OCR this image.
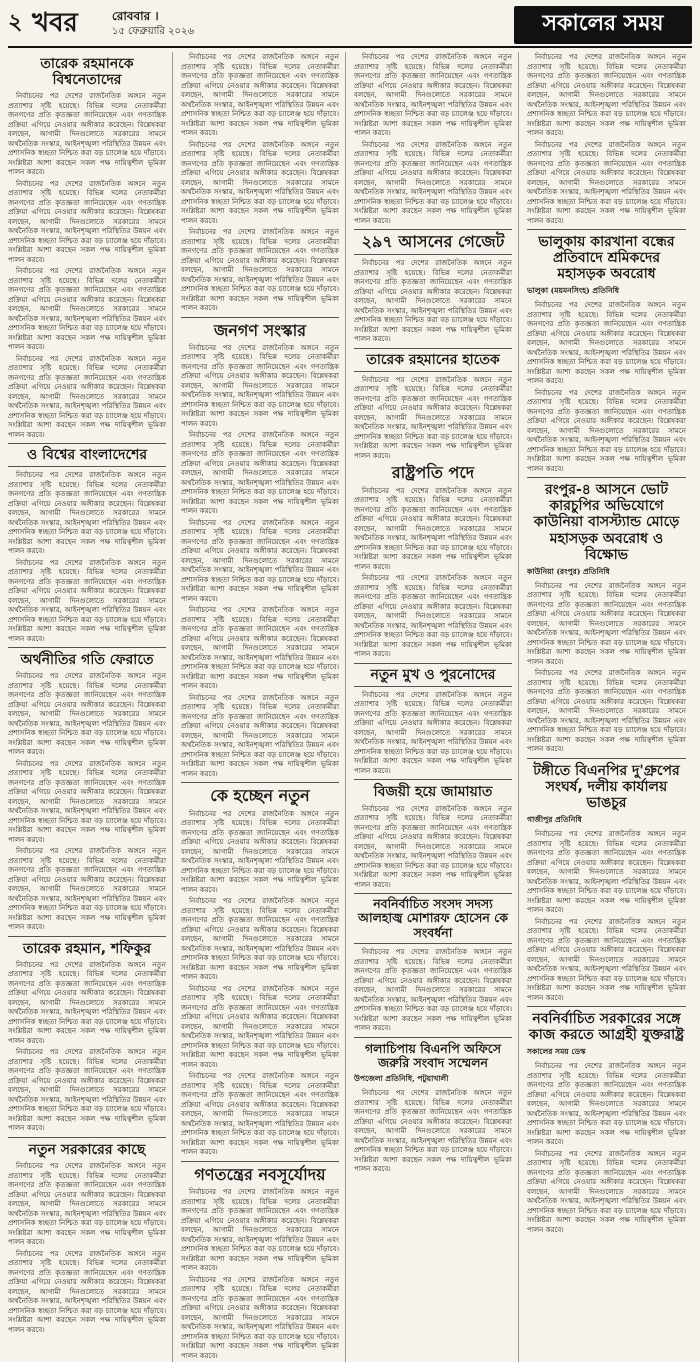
২ খবর	রোববার ।
১৫ ফেব্রুয়ারি ২০২৬	সকালের সময়
তারেক রহমানকে বিশ্বনেতাদের

নির্বাচনের পর দেশের রাজনৈতিক অঙ্গনে নতুন প্রত্যাশার সৃষ্টি হয়েছে। বিভিন্ন দলের নেতাকর্মীরা জনগণের প্রতি কৃতজ্ঞতা জানিয়েছেন এবং গণতান্ত্রিক প্রক্রিয়া এগিয়ে নেওয়ার অঙ্গীকার করেছেন। বিশ্লেষকরা বলছেন, আগামী দিনগুলোতে সরকারের সামনে অর্থনৈতিক সংস্কার, আইনশৃঙ্খলা পরিস্থিতির উন্নয়ন এবং প্রশাসনিক স্বচ্ছতা নিশ্চিত করা বড় চ্যালেঞ্জ হয়ে দাঁড়াবে। সংশ্লিষ্টরা আশা করছেন সকল পক্ষ দায়িত্বশীল ভূমিকা পালন করবে।

নির্বাচনের পর দেশের রাজনৈতিক অঙ্গনে নতুন প্রত্যাশার সৃষ্টি হয়েছে। বিভিন্ন দলের নেতাকর্মীরা জনগণের প্রতি কৃতজ্ঞতা জানিয়েছেন এবং গণতান্ত্রিক প্রক্রিয়া এগিয়ে নেওয়ার অঙ্গীকার করেছেন। বিশ্লেষকরা বলছেন, আগামী দিনগুলোতে সরকারের সামনে অর্থনৈতিক সংস্কার, আইনশৃঙ্খলা পরিস্থিতির উন্নয়ন এবং প্রশাসনিক স্বচ্ছতা নিশ্চিত করা বড় চ্যালেঞ্জ হয়ে দাঁড়াবে। সংশ্লিষ্টরা আশা করছেন সকল পক্ষ দায়িত্বশীল ভূমিকা পালন করবে।

নির্বাচনের পর দেশের রাজনৈতিক অঙ্গনে নতুন প্রত্যাশার সৃষ্টি হয়েছে। বিভিন্ন দলের নেতাকর্মীরা জনগণের প্রতি কৃতজ্ঞতা জানিয়েছেন এবং গণতান্ত্রিক প্রক্রিয়া এগিয়ে নেওয়ার অঙ্গীকার করেছেন। বিশ্লেষকরা বলছেন, আগামী দিনগুলোতে সরকারের সামনে অর্থনৈতিক সংস্কার, আইনশৃঙ্খলা পরিস্থিতির উন্নয়ন এবং প্রশাসনিক স্বচ্ছতা নিশ্চিত করা বড় চ্যালেঞ্জ হয়ে দাঁড়াবে। সংশ্লিষ্টরা আশা করছেন সকল পক্ষ দায়িত্বশীল ভূমিকা পালন করবে।

নির্বাচনের পর দেশের রাজনৈতিক অঙ্গনে নতুন প্রত্যাশার সৃষ্টি হয়েছে। বিভিন্ন দলের নেতাকর্মীরা জনগণের প্রতি কৃতজ্ঞতা জানিয়েছেন এবং গণতান্ত্রিক প্রক্রিয়া এগিয়ে নেওয়ার অঙ্গীকার করেছেন। বিশ্লেষকরা বলছেন, আগামী দিনগুলোতে সরকারের সামনে অর্থনৈতিক সংস্কার, আইনশৃঙ্খলা পরিস্থিতির উন্নয়ন এবং প্রশাসনিক স্বচ্ছতা নিশ্চিত করা বড় চ্যালেঞ্জ হয়ে দাঁড়াবে। সংশ্লিষ্টরা আশা করছেন সকল পক্ষ দায়িত্বশীল ভূমিকা পালন করবে।

ও বিশ্বের বাংলাদেশের

নির্বাচনের পর দেশের রাজনৈতিক অঙ্গনে নতুন প্রত্যাশার সৃষ্টি হয়েছে। বিভিন্ন দলের নেতাকর্মীরা জনগণের প্রতি কৃতজ্ঞতা জানিয়েছেন এবং গণতান্ত্রিক প্রক্রিয়া এগিয়ে নেওয়ার অঙ্গীকার করেছেন। বিশ্লেষকরা বলছেন, আগামী দিনগুলোতে সরকারের সামনে অর্থনৈতিক সংস্কার, আইনশৃঙ্খলা পরিস্থিতির উন্নয়ন এবং প্রশাসনিক স্বচ্ছতা নিশ্চিত করা বড় চ্যালেঞ্জ হয়ে দাঁড়াবে। সংশ্লিষ্টরা আশা করছেন সকল পক্ষ দায়িত্বশীল ভূমিকা পালন করবে।

নির্বাচনের পর দেশের রাজনৈতিক অঙ্গনে নতুন প্রত্যাশার সৃষ্টি হয়েছে। বিভিন্ন দলের নেতাকর্মীরা জনগণের প্রতি কৃতজ্ঞতা জানিয়েছেন এবং গণতান্ত্রিক প্রক্রিয়া এগিয়ে নেওয়ার অঙ্গীকার করেছেন। বিশ্লেষকরা বলছেন, আগামী দিনগুলোতে সরকারের সামনে অর্থনৈতিক সংস্কার, আইনশৃঙ্খলা পরিস্থিতির উন্নয়ন এবং প্রশাসনিক স্বচ্ছতা নিশ্চিত করা বড় চ্যালেঞ্জ হয়ে দাঁড়াবে। সংশ্লিষ্টরা আশা করছেন সকল পক্ষ দায়িত্বশীল ভূমিকা পালন করবে।

অর্থনীতির গতি ফেরাতে

নির্বাচনের পর দেশের রাজনৈতিক অঙ্গনে নতুন প্রত্যাশার সৃষ্টি হয়েছে। বিভিন্ন দলের নেতাকর্মীরা জনগণের প্রতি কৃতজ্ঞতা জানিয়েছেন এবং গণতান্ত্রিক প্রক্রিয়া এগিয়ে নেওয়ার অঙ্গীকার করেছেন। বিশ্লেষকরা বলছেন, আগামী দিনগুলোতে সরকারের সামনে অর্থনৈতিক সংস্কার, আইনশৃঙ্খলা পরিস্থিতির উন্নয়ন এবং প্রশাসনিক স্বচ্ছতা নিশ্চিত করা বড় চ্যালেঞ্জ হয়ে দাঁড়াবে। সংশ্লিষ্টরা আশা করছেন সকল পক্ষ দায়িত্বশীল ভূমিকা পালন করবে।

নির্বাচনের পর দেশের রাজনৈতিক অঙ্গনে নতুন প্রত্যাশার সৃষ্টি হয়েছে। বিভিন্ন দলের নেতাকর্মীরা জনগণের প্রতি কৃতজ্ঞতা জানিয়েছেন এবং গণতান্ত্রিক প্রক্রিয়া এগিয়ে নেওয়ার অঙ্গীকার করেছেন। বিশ্লেষকরা বলছেন, আগামী দিনগুলোতে সরকারের সামনে অর্থনৈতিক সংস্কার, আইনশৃঙ্খলা পরিস্থিতির উন্নয়ন এবং প্রশাসনিক স্বচ্ছতা নিশ্চিত করা বড় চ্যালেঞ্জ হয়ে দাঁড়াবে। সংশ্লিষ্টরা আশা করছেন সকল পক্ষ দায়িত্বশীল ভূমিকা পালন করবে।

নির্বাচনের পর দেশের রাজনৈতিক অঙ্গনে নতুন প্রত্যাশার সৃষ্টি হয়েছে। বিভিন্ন দলের নেতাকর্মীরা জনগণের প্রতি কৃতজ্ঞতা জানিয়েছেন এবং গণতান্ত্রিক প্রক্রিয়া এগিয়ে নেওয়ার অঙ্গীকার করেছেন। বিশ্লেষকরা বলছেন, আগামী দিনগুলোতে সরকারের সামনে অর্থনৈতিক সংস্কার, আইনশৃঙ্খলা পরিস্থিতির উন্নয়ন এবং প্রশাসনিক স্বচ্ছতা নিশ্চিত করা বড় চ্যালেঞ্জ হয়ে দাঁড়াবে। সংশ্লিষ্টরা আশা করছেন সকল পক্ষ দায়িত্বশীল ভূমিকা পালন করবে।

তারেক রহমান, শফিকুর

নির্বাচনের পর দেশের রাজনৈতিক অঙ্গনে নতুন প্রত্যাশার সৃষ্টি হয়েছে। বিভিন্ন দলের নেতাকর্মীরা জনগণের প্রতি কৃতজ্ঞতা জানিয়েছেন এবং গণতান্ত্রিক প্রক্রিয়া এগিয়ে নেওয়ার অঙ্গীকার করেছেন। বিশ্লেষকরা বলছেন, আগামী দিনগুলোতে সরকারের সামনে অর্থনৈতিক সংস্কার, আইনশৃঙ্খলা পরিস্থিতির উন্নয়ন এবং প্রশাসনিক স্বচ্ছতা নিশ্চিত করা বড় চ্যালেঞ্জ হয়ে দাঁড়াবে। সংশ্লিষ্টরা আশা করছেন সকল পক্ষ দায়িত্বশীল ভূমিকা পালন করবে।

নির্বাচনের পর দেশের রাজনৈতিক অঙ্গনে নতুন প্রত্যাশার সৃষ্টি হয়েছে। বিভিন্ন দলের নেতাকর্মীরা জনগণের প্রতি কৃতজ্ঞতা জানিয়েছেন এবং গণতান্ত্রিক প্রক্রিয়া এগিয়ে নেওয়ার অঙ্গীকার করেছেন। বিশ্লেষকরা বলছেন, আগামী দিনগুলোতে সরকারের সামনে অর্থনৈতিক সংস্কার, আইনশৃঙ্খলা পরিস্থিতির উন্নয়ন এবং প্রশাসনিক স্বচ্ছতা নিশ্চিত করা বড় চ্যালেঞ্জ হয়ে দাঁড়াবে। সংশ্লিষ্টরা আশা করছেন সকল পক্ষ দায়িত্বশীল ভূমিকা পালন করবে।

নতুন সরকারের কাছে

নির্বাচনের পর দেশের রাজনৈতিক অঙ্গনে নতুন প্রত্যাশার সৃষ্টি হয়েছে। বিভিন্ন দলের নেতাকর্মীরা জনগণের প্রতি কৃতজ্ঞতা জানিয়েছেন এবং গণতান্ত্রিক প্রক্রিয়া এগিয়ে নেওয়ার অঙ্গীকার করেছেন। বিশ্লেষকরা বলছেন, আগামী দিনগুলোতে সরকারের সামনে অর্থনৈতিক সংস্কার, আইনশৃঙ্খলা পরিস্থিতির উন্নয়ন এবং প্রশাসনিক স্বচ্ছতা নিশ্চিত করা বড় চ্যালেঞ্জ হয়ে দাঁড়াবে। সংশ্লিষ্টরা আশা করছেন সকল পক্ষ দায়িত্বশীল ভূমিকা পালন করবে।

নির্বাচনের পর দেশের রাজনৈতিক অঙ্গনে নতুন প্রত্যাশার সৃষ্টি হয়েছে। বিভিন্ন দলের নেতাকর্মীরা জনগণের প্রতি কৃতজ্ঞতা জানিয়েছেন এবং গণতান্ত্রিক প্রক্রিয়া এগিয়ে নেওয়ার অঙ্গীকার করেছেন। বিশ্লেষকরা বলছেন, আগামী দিনগুলোতে সরকারের সামনে অর্থনৈতিক সংস্কার, আইনশৃঙ্খলা পরিস্থিতির উন্নয়ন এবং প্রশাসনিক স্বচ্ছতা নিশ্চিত করা বড় চ্যালেঞ্জ হয়ে দাঁড়াবে। সংশ্লিষ্টরা আশা করছেন সকল পক্ষ দায়িত্বশীল ভূমিকা পালন করবে।

নির্বাচনের পর দেশের রাজনৈতিক অঙ্গনে নতুন প্রত্যাশার সৃষ্টি হয়েছে। বিভিন্ন দলের নেতাকর্মীরা জনগণের প্রতি কৃতজ্ঞতা জানিয়েছেন এবং গণতান্ত্রিক প্রক্রিয়া এগিয়ে নেওয়ার অঙ্গীকার করেছেন। বিশ্লেষকরা বলছেন, আগামী দিনগুলোতে সরকারের সামনে অর্থনৈতিক সংস্কার, আইনশৃঙ্খলা পরিস্থিতির উন্নয়ন এবং প্রশাসনিক স্বচ্ছতা নিশ্চিত করা বড় চ্যালেঞ্জ হয়ে দাঁড়াবে। সংশ্লিষ্টরা আশা করছেন সকল পক্ষ দায়িত্বশীল ভূমিকা পালন করবে।

নির্বাচনের পর দেশের রাজনৈতিক অঙ্গনে নতুন প্রত্যাশার সৃষ্টি হয়েছে। বিভিন্ন দলের নেতাকর্মীরা জনগণের প্রতি কৃতজ্ঞতা জানিয়েছেন এবং গণতান্ত্রিক প্রক্রিয়া এগিয়ে নেওয়ার অঙ্গীকার করেছেন। বিশ্লেষকরা বলছেন, আগামী দিনগুলোতে সরকারের সামনে অর্থনৈতিক সংস্কার, আইনশৃঙ্খলা পরিস্থিতির উন্নয়ন এবং প্রশাসনিক স্বচ্ছতা নিশ্চিত করা বড় চ্যালেঞ্জ হয়ে দাঁড়াবে। সংশ্লিষ্টরা আশা করছেন সকল পক্ষ দায়িত্বশীল ভূমিকা পালন করবে।

নির্বাচনের পর দেশের রাজনৈতিক অঙ্গনে নতুন প্রত্যাশার সৃষ্টি হয়েছে। বিভিন্ন দলের নেতাকর্মীরা জনগণের প্রতি কৃতজ্ঞতা জানিয়েছেন এবং গণতান্ত্রিক প্রক্রিয়া এগিয়ে নেওয়ার অঙ্গীকার করেছেন। বিশ্লেষকরা বলছেন, আগামী দিনগুলোতে সরকারের সামনে অর্থনৈতিক সংস্কার, আইনশৃঙ্খলা পরিস্থিতির উন্নয়ন এবং প্রশাসনিক স্বচ্ছতা নিশ্চিত করা বড় চ্যালেঞ্জ হয়ে দাঁড়াবে। সংশ্লিষ্টরা আশা করছেন সকল পক্ষ দায়িত্বশীল ভূমিকা পালন করবে।

জনগণ সংস্কার

নির্বাচনের পর দেশের রাজনৈতিক অঙ্গনে নতুন প্রত্যাশার সৃষ্টি হয়েছে। বিভিন্ন দলের নেতাকর্মীরা জনগণের প্রতি কৃতজ্ঞতা জানিয়েছেন এবং গণতান্ত্রিক প্রক্রিয়া এগিয়ে নেওয়ার অঙ্গীকার করেছেন। বিশ্লেষকরা বলছেন, আগামী দিনগুলোতে সরকারের সামনে অর্থনৈতিক সংস্কার, আইনশৃঙ্খলা পরিস্থিতির উন্নয়ন এবং প্রশাসনিক স্বচ্ছতা নিশ্চিত করা বড় চ্যালেঞ্জ হয়ে দাঁড়াবে। সংশ্লিষ্টরা আশা করছেন সকল পক্ষ দায়িত্বশীল ভূমিকা পালন করবে।

নির্বাচনের পর দেশের রাজনৈতিক অঙ্গনে নতুন প্রত্যাশার সৃষ্টি হয়েছে। বিভিন্ন দলের নেতাকর্মীরা জনগণের প্রতি কৃতজ্ঞতা জানিয়েছেন এবং গণতান্ত্রিক প্রক্রিয়া এগিয়ে নেওয়ার অঙ্গীকার করেছেন। বিশ্লেষকরা বলছেন, আগামী দিনগুলোতে সরকারের সামনে অর্থনৈতিক সংস্কার, আইনশৃঙ্খলা পরিস্থিতির উন্নয়ন এবং প্রশাসনিক স্বচ্ছতা নিশ্চিত করা বড় চ্যালেঞ্জ হয়ে দাঁড়াবে। সংশ্লিষ্টরা আশা করছেন সকল পক্ষ দায়িত্বশীল ভূমিকা পালন করবে।

নির্বাচনের পর দেশের রাজনৈতিক অঙ্গনে নতুন প্রত্যাশার সৃষ্টি হয়েছে। বিভিন্ন দলের নেতাকর্মীরা জনগণের প্রতি কৃতজ্ঞতা জানিয়েছেন এবং গণতান্ত্রিক প্রক্রিয়া এগিয়ে নেওয়ার অঙ্গীকার করেছেন। বিশ্লেষকরা বলছেন, আগামী দিনগুলোতে সরকারের সামনে অর্থনৈতিক সংস্কার, আইনশৃঙ্খলা পরিস্থিতির উন্নয়ন এবং প্রশাসনিক স্বচ্ছতা নিশ্চিত করা বড় চ্যালেঞ্জ হয়ে দাঁড়াবে। সংশ্লিষ্টরা আশা করছেন সকল পক্ষ দায়িত্বশীল ভূমিকা পালন করবে।

নির্বাচনের পর দেশের রাজনৈতিক অঙ্গনে নতুন প্রত্যাশার সৃষ্টি হয়েছে। বিভিন্ন দলের নেতাকর্মীরা জনগণের প্রতি কৃতজ্ঞতা জানিয়েছেন এবং গণতান্ত্রিক প্রক্রিয়া এগিয়ে নেওয়ার অঙ্গীকার করেছেন। বিশ্লেষকরা বলছেন, আগামী দিনগুলোতে সরকারের সামনে অর্থনৈতিক সংস্কার, আইনশৃঙ্খলা পরিস্থিতির উন্নয়ন এবং প্রশাসনিক স্বচ্ছতা নিশ্চিত করা বড় চ্যালেঞ্জ হয়ে দাঁড়াবে। সংশ্লিষ্টরা আশা করছেন সকল পক্ষ দায়িত্বশীল ভূমিকা পালন করবে।

নির্বাচনের পর দেশের রাজনৈতিক অঙ্গনে নতুন প্রত্যাশার সৃষ্টি হয়েছে। বিভিন্ন দলের নেতাকর্মীরা জনগণের প্রতি কৃতজ্ঞতা জানিয়েছেন এবং গণতান্ত্রিক প্রক্রিয়া এগিয়ে নেওয়ার অঙ্গীকার করেছেন। বিশ্লেষকরা বলছেন, আগামী দিনগুলোতে সরকারের সামনে অর্থনৈতিক সংস্কার, আইনশৃঙ্খলা পরিস্থিতির উন্নয়ন এবং প্রশাসনিক স্বচ্ছতা নিশ্চিত করা বড় চ্যালেঞ্জ হয়ে দাঁড়াবে। সংশ্লিষ্টরা আশা করছেন সকল পক্ষ দায়িত্বশীল ভূমিকা পালন করবে।

কে হচ্ছেন নতুন

নির্বাচনের পর দেশের রাজনৈতিক অঙ্গনে নতুন প্রত্যাশার সৃষ্টি হয়েছে। বিভিন্ন দলের নেতাকর্মীরা জনগণের প্রতি কৃতজ্ঞতা জানিয়েছেন এবং গণতান্ত্রিক প্রক্রিয়া এগিয়ে নেওয়ার অঙ্গীকার করেছেন। বিশ্লেষকরা বলছেন, আগামী দিনগুলোতে সরকারের সামনে অর্থনৈতিক সংস্কার, আইনশৃঙ্খলা পরিস্থিতির উন্নয়ন এবং প্রশাসনিক স্বচ্ছতা নিশ্চিত করা বড় চ্যালেঞ্জ হয়ে দাঁড়াবে। সংশ্লিষ্টরা আশা করছেন সকল পক্ষ দায়িত্বশীল ভূমিকা পালন করবে।

নির্বাচনের পর দেশের রাজনৈতিক অঙ্গনে নতুন প্রত্যাশার সৃষ্টি হয়েছে। বিভিন্ন দলের নেতাকর্মীরা জনগণের প্রতি কৃতজ্ঞতা জানিয়েছেন এবং গণতান্ত্রিক প্রক্রিয়া এগিয়ে নেওয়ার অঙ্গীকার করেছেন। বিশ্লেষকরা বলছেন, আগামী দিনগুলোতে সরকারের সামনে অর্থনৈতিক সংস্কার, আইনশৃঙ্খলা পরিস্থিতির উন্নয়ন এবং প্রশাসনিক স্বচ্ছতা নিশ্চিত করা বড় চ্যালেঞ্জ হয়ে দাঁড়াবে। সংশ্লিষ্টরা আশা করছেন সকল পক্ষ দায়িত্বশীল ভূমিকা পালন করবে।

নির্বাচনের পর দেশের রাজনৈতিক অঙ্গনে নতুন প্রত্যাশার সৃষ্টি হয়েছে। বিভিন্ন দলের নেতাকর্মীরা জনগণের প্রতি কৃতজ্ঞতা জানিয়েছেন এবং গণতান্ত্রিক প্রক্রিয়া এগিয়ে নেওয়ার অঙ্গীকার করেছেন। বিশ্লেষকরা বলছেন, আগামী দিনগুলোতে সরকারের সামনে অর্থনৈতিক সংস্কার, আইনশৃঙ্খলা পরিস্থিতির উন্নয়ন এবং প্রশাসনিক স্বচ্ছতা নিশ্চিত করা বড় চ্যালেঞ্জ হয়ে দাঁড়াবে। সংশ্লিষ্টরা আশা করছেন সকল পক্ষ দায়িত্বশীল ভূমিকা পালন করবে।

নির্বাচনের পর দেশের রাজনৈতিক অঙ্গনে নতুন প্রত্যাশার সৃষ্টি হয়েছে। বিভিন্ন দলের নেতাকর্মীরা জনগণের প্রতি কৃতজ্ঞতা জানিয়েছেন এবং গণতান্ত্রিক প্রক্রিয়া এগিয়ে নেওয়ার অঙ্গীকার করেছেন। বিশ্লেষকরা বলছেন, আগামী দিনগুলোতে সরকারের সামনে অর্থনৈতিক সংস্কার, আইনশৃঙ্খলা পরিস্থিতির উন্নয়ন এবং প্রশাসনিক স্বচ্ছতা নিশ্চিত করা বড় চ্যালেঞ্জ হয়ে দাঁড়াবে। সংশ্লিষ্টরা আশা করছেন সকল পক্ষ দায়িত্বশীল ভূমিকা পালন করবে।

গণতন্ত্রের নবসূর্যোদয়

নির্বাচনের পর দেশের রাজনৈতিক অঙ্গনে নতুন প্রত্যাশার সৃষ্টি হয়েছে। বিভিন্ন দলের নেতাকর্মীরা জনগণের প্রতি কৃতজ্ঞতা জানিয়েছেন এবং গণতান্ত্রিক প্রক্রিয়া এগিয়ে নেওয়ার অঙ্গীকার করেছেন। বিশ্লেষকরা বলছেন, আগামী দিনগুলোতে সরকারের সামনে অর্থনৈতিক সংস্কার, আইনশৃঙ্খলা পরিস্থিতির উন্নয়ন এবং প্রশাসনিক স্বচ্ছতা নিশ্চিত করা বড় চ্যালেঞ্জ হয়ে দাঁড়াবে। সংশ্লিষ্টরা আশা করছেন সকল পক্ষ দায়িত্বশীল ভূমিকা পালন করবে।

নির্বাচনের পর দেশের রাজনৈতিক অঙ্গনে নতুন প্রত্যাশার সৃষ্টি হয়েছে। বিভিন্ন দলের নেতাকর্মীরা জনগণের প্রতি কৃতজ্ঞতা জানিয়েছেন এবং গণতান্ত্রিক প্রক্রিয়া এগিয়ে নেওয়ার অঙ্গীকার করেছেন। বিশ্লেষকরা বলছেন, আগামী দিনগুলোতে সরকারের সামনে অর্থনৈতিক সংস্কার, আইনশৃঙ্খলা পরিস্থিতির উন্নয়ন এবং প্রশাসনিক স্বচ্ছতা নিশ্চিত করা বড় চ্যালেঞ্জ হয়ে দাঁড়াবে। সংশ্লিষ্টরা আশা করছেন সকল পক্ষ দায়িত্বশীল ভূমিকা পালন করবে।

নির্বাচনের পর দেশের রাজনৈতিক অঙ্গনে নতুন প্রত্যাশার সৃষ্টি হয়েছে। বিভিন্ন দলের নেতাকর্মীরা জনগণের প্রতি কৃতজ্ঞতা জানিয়েছেন এবং গণতান্ত্রিক প্রক্রিয়া এগিয়ে নেওয়ার অঙ্গীকার করেছেন। বিশ্লেষকরা বলছেন, আগামী দিনগুলোতে সরকারের সামনে অর্থনৈতিক সংস্কার, আইনশৃঙ্খলা পরিস্থিতির উন্নয়ন এবং প্রশাসনিক স্বচ্ছতা নিশ্চিত করা বড় চ্যালেঞ্জ হয়ে দাঁড়াবে। সংশ্লিষ্টরা আশা করছেন সকল পক্ষ দায়িত্বশীল ভূমিকা পালন করবে।

নির্বাচনের পর দেশের রাজনৈতিক অঙ্গনে নতুন প্রত্যাশার সৃষ্টি হয়েছে। বিভিন্ন দলের নেতাকর্মীরা জনগণের প্রতি কৃতজ্ঞতা জানিয়েছেন এবং গণতান্ত্রিক প্রক্রিয়া এগিয়ে নেওয়ার অঙ্গীকার করেছেন। বিশ্লেষকরা বলছেন, আগামী দিনগুলোতে সরকারের সামনে অর্থনৈতিক সংস্কার, আইনশৃঙ্খলা পরিস্থিতির উন্নয়ন এবং প্রশাসনিক স্বচ্ছতা নিশ্চিত করা বড় চ্যালেঞ্জ হয়ে দাঁড়াবে। সংশ্লিষ্টরা আশা করছেন সকল পক্ষ দায়িত্বশীল ভূমিকা পালন করবে।

২৯৭ আসনের গেজেট

নির্বাচনের পর দেশের রাজনৈতিক অঙ্গনে নতুন প্রত্যাশার সৃষ্টি হয়েছে। বিভিন্ন দলের নেতাকর্মীরা জনগণের প্রতি কৃতজ্ঞতা জানিয়েছেন এবং গণতান্ত্রিক প্রক্রিয়া এগিয়ে নেওয়ার অঙ্গীকার করেছেন। বিশ্লেষকরা বলছেন, আগামী দিনগুলোতে সরকারের সামনে অর্থনৈতিক সংস্কার, আইনশৃঙ্খলা পরিস্থিতির উন্নয়ন এবং প্রশাসনিক স্বচ্ছতা নিশ্চিত করা বড় চ্যালেঞ্জ হয়ে দাঁড়াবে। সংশ্লিষ্টরা আশা করছেন সকল পক্ষ দায়িত্বশীল ভূমিকা পালন করবে।

তারেক রহমানের হাতেক

নির্বাচনের পর দেশের রাজনৈতিক অঙ্গনে নতুন প্রত্যাশার সৃষ্টি হয়েছে। বিভিন্ন দলের নেতাকর্মীরা জনগণের প্রতি কৃতজ্ঞতা জানিয়েছেন এবং গণতান্ত্রিক প্রক্রিয়া এগিয়ে নেওয়ার অঙ্গীকার করেছেন। বিশ্লেষকরা বলছেন, আগামী দিনগুলোতে সরকারের সামনে অর্থনৈতিক সংস্কার, আইনশৃঙ্খলা পরিস্থিতির উন্নয়ন এবং প্রশাসনিক স্বচ্ছতা নিশ্চিত করা বড় চ্যালেঞ্জ হয়ে দাঁড়াবে। সংশ্লিষ্টরা আশা করছেন সকল পক্ষ দায়িত্বশীল ভূমিকা পালন করবে।

রাষ্ট্রপতি পদে

নির্বাচনের পর দেশের রাজনৈতিক অঙ্গনে নতুন প্রত্যাশার সৃষ্টি হয়েছে। বিভিন্ন দলের নেতাকর্মীরা জনগণের প্রতি কৃতজ্ঞতা জানিয়েছেন এবং গণতান্ত্রিক প্রক্রিয়া এগিয়ে নেওয়ার অঙ্গীকার করেছেন। বিশ্লেষকরা বলছেন, আগামী দিনগুলোতে সরকারের সামনে অর্থনৈতিক সংস্কার, আইনশৃঙ্খলা পরিস্থিতির উন্নয়ন এবং প্রশাসনিক স্বচ্ছতা নিশ্চিত করা বড় চ্যালেঞ্জ হয়ে দাঁড়াবে। সংশ্লিষ্টরা আশা করছেন সকল পক্ষ দায়িত্বশীল ভূমিকা পালন করবে।

নির্বাচনের পর দেশের রাজনৈতিক অঙ্গনে নতুন প্রত্যাশার সৃষ্টি হয়েছে। বিভিন্ন দলের নেতাকর্মীরা জনগণের প্রতি কৃতজ্ঞতা জানিয়েছেন এবং গণতান্ত্রিক প্রক্রিয়া এগিয়ে নেওয়ার অঙ্গীকার করেছেন। বিশ্লেষকরা বলছেন, আগামী দিনগুলোতে সরকারের সামনে অর্থনৈতিক সংস্কার, আইনশৃঙ্খলা পরিস্থিতির উন্নয়ন এবং প্রশাসনিক স্বচ্ছতা নিশ্চিত করা বড় চ্যালেঞ্জ হয়ে দাঁড়াবে। সংশ্লিষ্টরা আশা করছেন সকল পক্ষ দায়িত্বশীল ভূমিকা পালন করবে।

নতুন মুখ ও পুরনোদের

নির্বাচনের পর দেশের রাজনৈতিক অঙ্গনে নতুন প্রত্যাশার সৃষ্টি হয়েছে। বিভিন্ন দলের নেতাকর্মীরা জনগণের প্রতি কৃতজ্ঞতা জানিয়েছেন এবং গণতান্ত্রিক প্রক্রিয়া এগিয়ে নেওয়ার অঙ্গীকার করেছেন। বিশ্লেষকরা বলছেন, আগামী দিনগুলোতে সরকারের সামনে অর্থনৈতিক সংস্কার, আইনশৃঙ্খলা পরিস্থিতির উন্নয়ন এবং প্রশাসনিক স্বচ্ছতা নিশ্চিত করা বড় চ্যালেঞ্জ হয়ে দাঁড়াবে। সংশ্লিষ্টরা আশা করছেন সকল পক্ষ দায়িত্বশীল ভূমিকা পালন করবে।

বিজয়ী হয়ে জামায়াত

নির্বাচনের পর দেশের রাজনৈতিক অঙ্গনে নতুন প্রত্যাশার সৃষ্টি হয়েছে। বিভিন্ন দলের নেতাকর্মীরা জনগণের প্রতি কৃতজ্ঞতা জানিয়েছেন এবং গণতান্ত্রিক প্রক্রিয়া এগিয়ে নেওয়ার অঙ্গীকার করেছেন। বিশ্লেষকরা বলছেন, আগামী দিনগুলোতে সরকারের সামনে অর্থনৈতিক সংস্কার, আইনশৃঙ্খলা পরিস্থিতির উন্নয়ন এবং প্রশাসনিক স্বচ্ছতা নিশ্চিত করা বড় চ্যালেঞ্জ হয়ে দাঁড়াবে। সংশ্লিষ্টরা আশা করছেন সকল পক্ষ দায়িত্বশীল ভূমিকা পালন করবে।

নবনির্বাচিত সংসদ সদস্য আলহাজ্ব মোশারফ হোসেন কে সংবর্ধনা

নির্বাচনের পর দেশের রাজনৈতিক অঙ্গনে নতুন প্রত্যাশার সৃষ্টি হয়েছে। বিভিন্ন দলের নেতাকর্মীরা জনগণের প্রতি কৃতজ্ঞতা জানিয়েছেন এবং গণতান্ত্রিক প্রক্রিয়া এগিয়ে নেওয়ার অঙ্গীকার করেছেন। বিশ্লেষকরা বলছেন, আগামী দিনগুলোতে সরকারের সামনে অর্থনৈতিক সংস্কার, আইনশৃঙ্খলা পরিস্থিতির উন্নয়ন এবং প্রশাসনিক স্বচ্ছতা নিশ্চিত করা বড় চ্যালেঞ্জ হয়ে দাঁড়াবে। সংশ্লিষ্টরা আশা করছেন সকল পক্ষ দায়িত্বশীল ভূমিকা পালন করবে।

গলাচিপায় বিএনপি অফিসে জরুরি সংবাদ সম্মেলন
উপজেলা প্রতিনিধি, পটুয়াখালী

নির্বাচনের পর দেশের রাজনৈতিক অঙ্গনে নতুন প্রত্যাশার সৃষ্টি হয়েছে। বিভিন্ন দলের নেতাকর্মীরা জনগণের প্রতি কৃতজ্ঞতা জানিয়েছেন এবং গণতান্ত্রিক প্রক্রিয়া এগিয়ে নেওয়ার অঙ্গীকার করেছেন। বিশ্লেষকরা বলছেন, আগামী দিনগুলোতে সরকারের সামনে অর্থনৈতিক সংস্কার, আইনশৃঙ্খলা পরিস্থিতির উন্নয়ন এবং প্রশাসনিক স্বচ্ছতা নিশ্চিত করা বড় চ্যালেঞ্জ হয়ে দাঁড়াবে। সংশ্লিষ্টরা আশা করছেন সকল পক্ষ দায়িত্বশীল ভূমিকা পালন করবে।

নির্বাচনের পর দেশের রাজনৈতিক অঙ্গনে নতুন প্রত্যাশার সৃষ্টি হয়েছে। বিভিন্ন দলের নেতাকর্মীরা জনগণের প্রতি কৃতজ্ঞতা জানিয়েছেন এবং গণতান্ত্রিক প্রক্রিয়া এগিয়ে নেওয়ার অঙ্গীকার করেছেন। বিশ্লেষকরা বলছেন, আগামী দিনগুলোতে সরকারের সামনে অর্থনৈতিক সংস্কার, আইনশৃঙ্খলা পরিস্থিতির উন্নয়ন এবং প্রশাসনিক স্বচ্ছতা নিশ্চিত করা বড় চ্যালেঞ্জ হয়ে দাঁড়াবে। সংশ্লিষ্টরা আশা করছেন সকল পক্ষ দায়িত্বশীল ভূমিকা পালন করবে।

নির্বাচনের পর দেশের রাজনৈতিক অঙ্গনে নতুন প্রত্যাশার সৃষ্টি হয়েছে। বিভিন্ন দলের নেতাকর্মীরা জনগণের প্রতি কৃতজ্ঞতা জানিয়েছেন এবং গণতান্ত্রিক প্রক্রিয়া এগিয়ে নেওয়ার অঙ্গীকার করেছেন। বিশ্লেষকরা বলছেন, আগামী দিনগুলোতে সরকারের সামনে অর্থনৈতিক সংস্কার, আইনশৃঙ্খলা পরিস্থিতির উন্নয়ন এবং প্রশাসনিক স্বচ্ছতা নিশ্চিত করা বড় চ্যালেঞ্জ হয়ে দাঁড়াবে। সংশ্লিষ্টরা আশা করছেন সকল পক্ষ দায়িত্বশীল ভূমিকা পালন করবে।

ভালুকায় কারখানা বন্ধের প্রতিবাদে শ্রমিকদের মহাসড়ক অবরোধ
ভালুকা (ময়মনসিংহ) প্রতিনিধি

নির্বাচনের পর দেশের রাজনৈতিক অঙ্গনে নতুন প্রত্যাশার সৃষ্টি হয়েছে। বিভিন্ন দলের নেতাকর্মীরা জনগণের প্রতি কৃতজ্ঞতা জানিয়েছেন এবং গণতান্ত্রিক প্রক্রিয়া এগিয়ে নেওয়ার অঙ্গীকার করেছেন। বিশ্লেষকরা বলছেন, আগামী দিনগুলোতে সরকারের সামনে অর্থনৈতিক সংস্কার, আইনশৃঙ্খলা পরিস্থিতির উন্নয়ন এবং প্রশাসনিক স্বচ্ছতা নিশ্চিত করা বড় চ্যালেঞ্জ হয়ে দাঁড়াবে। সংশ্লিষ্টরা আশা করছেন সকল পক্ষ দায়িত্বশীল ভূমিকা পালন করবে।

নির্বাচনের পর দেশের রাজনৈতিক অঙ্গনে নতুন প্রত্যাশার সৃষ্টি হয়েছে। বিভিন্ন দলের নেতাকর্মীরা জনগণের প্রতি কৃতজ্ঞতা জানিয়েছেন এবং গণতান্ত্রিক প্রক্রিয়া এগিয়ে নেওয়ার অঙ্গীকার করেছেন। বিশ্লেষকরা বলছেন, আগামী দিনগুলোতে সরকারের সামনে অর্থনৈতিক সংস্কার, আইনশৃঙ্খলা পরিস্থিতির উন্নয়ন এবং প্রশাসনিক স্বচ্ছতা নিশ্চিত করা বড় চ্যালেঞ্জ হয়ে দাঁড়াবে। সংশ্লিষ্টরা আশা করছেন সকল পক্ষ দায়িত্বশীল ভূমিকা পালন করবে।

রংপুর-৪ আসনে ভোট কারচুপির অভিযোগে কাউনিয়া বাসস্ট্যান্ড মোড়ে মহাসড়ক অবরোধ ও বিক্ষোভ
কাউনিয়া (রংপুর) প্রতিনিধি

নির্বাচনের পর দেশের রাজনৈতিক অঙ্গনে নতুন প্রত্যাশার সৃষ্টি হয়েছে। বিভিন্ন দলের নেতাকর্মীরা জনগণের প্রতি কৃতজ্ঞতা জানিয়েছেন এবং গণতান্ত্রিক প্রক্রিয়া এগিয়ে নেওয়ার অঙ্গীকার করেছেন। বিশ্লেষকরা বলছেন, আগামী দিনগুলোতে সরকারের সামনে অর্থনৈতিক সংস্কার, আইনশৃঙ্খলা পরিস্থিতির উন্নয়ন এবং প্রশাসনিক স্বচ্ছতা নিশ্চিত করা বড় চ্যালেঞ্জ হয়ে দাঁড়াবে। সংশ্লিষ্টরা আশা করছেন সকল পক্ষ দায়িত্বশীল ভূমিকা পালন করবে।

নির্বাচনের পর দেশের রাজনৈতিক অঙ্গনে নতুন প্রত্যাশার সৃষ্টি হয়েছে। বিভিন্ন দলের নেতাকর্মীরা জনগণের প্রতি কৃতজ্ঞতা জানিয়েছেন এবং গণতান্ত্রিক প্রক্রিয়া এগিয়ে নেওয়ার অঙ্গীকার করেছেন। বিশ্লেষকরা বলছেন, আগামী দিনগুলোতে সরকারের সামনে অর্থনৈতিক সংস্কার, আইনশৃঙ্খলা পরিস্থিতির উন্নয়ন এবং প্রশাসনিক স্বচ্ছতা নিশ্চিত করা বড় চ্যালেঞ্জ হয়ে দাঁড়াবে। সংশ্লিষ্টরা আশা করছেন সকল পক্ষ দায়িত্বশীল ভূমিকা পালন করবে।

টঙ্গীতে বিএনপির দু'গ্রুপের সংঘর্ষ, দলীয় কার্যালয় ভাঙচুর
গাজীপুর প্রতিনিধি

নির্বাচনের পর দেশের রাজনৈতিক অঙ্গনে নতুন প্রত্যাশার সৃষ্টি হয়েছে। বিভিন্ন দলের নেতাকর্মীরা জনগণের প্রতি কৃতজ্ঞতা জানিয়েছেন এবং গণতান্ত্রিক প্রক্রিয়া এগিয়ে নেওয়ার অঙ্গীকার করেছেন। বিশ্লেষকরা বলছেন, আগামী দিনগুলোতে সরকারের সামনে অর্থনৈতিক সংস্কার, আইনশৃঙ্খলা পরিস্থিতির উন্নয়ন এবং প্রশাসনিক স্বচ্ছতা নিশ্চিত করা বড় চ্যালেঞ্জ হয়ে দাঁড়াবে। সংশ্লিষ্টরা আশা করছেন সকল পক্ষ দায়িত্বশীল ভূমিকা পালন করবে।

নির্বাচনের পর দেশের রাজনৈতিক অঙ্গনে নতুন প্রত্যাশার সৃষ্টি হয়েছে। বিভিন্ন দলের নেতাকর্মীরা জনগণের প্রতি কৃতজ্ঞতা জানিয়েছেন এবং গণতান্ত্রিক প্রক্রিয়া এগিয়ে নেওয়ার অঙ্গীকার করেছেন। বিশ্লেষকরা বলছেন, আগামী দিনগুলোতে সরকারের সামনে অর্থনৈতিক সংস্কার, আইনশৃঙ্খলা পরিস্থিতির উন্নয়ন এবং প্রশাসনিক স্বচ্ছতা নিশ্চিত করা বড় চ্যালেঞ্জ হয়ে দাঁড়াবে। সংশ্লিষ্টরা আশা করছেন সকল পক্ষ দায়িত্বশীল ভূমিকা পালন করবে।

নবনির্বাচিত সরকারের সঙ্গে কাজ করতে আগ্রহী যুক্তরাষ্ট্র
সকালের সময় ডেস্ক

নির্বাচনের পর দেশের রাজনৈতিক অঙ্গনে নতুন প্রত্যাশার সৃষ্টি হয়েছে। বিভিন্ন দলের নেতাকর্মীরা জনগণের প্রতি কৃতজ্ঞতা জানিয়েছেন এবং গণতান্ত্রিক প্রক্রিয়া এগিয়ে নেওয়ার অঙ্গীকার করেছেন। বিশ্লেষকরা বলছেন, আগামী দিনগুলোতে সরকারের সামনে অর্থনৈতিক সংস্কার, আইনশৃঙ্খলা পরিস্থিতির উন্নয়ন এবং প্রশাসনিক স্বচ্ছতা নিশ্চিত করা বড় চ্যালেঞ্জ হয়ে দাঁড়াবে। সংশ্লিষ্টরা আশা করছেন সকল পক্ষ দায়িত্বশীল ভূমিকা পালন করবে।

নির্বাচনের পর দেশের রাজনৈতিক অঙ্গনে নতুন প্রত্যাশার সৃষ্টি হয়েছে। বিভিন্ন দলের নেতাকর্মীরা জনগণের প্রতি কৃতজ্ঞতা জানিয়েছেন এবং গণতান্ত্রিক প্রক্রিয়া এগিয়ে নেওয়ার অঙ্গীকার করেছেন। বিশ্লেষকরা বলছেন, আগামী দিনগুলোতে সরকারের সামনে অর্থনৈতিক সংস্কার, আইনশৃঙ্খলা পরিস্থিতির উন্নয়ন এবং প্রশাসনিক স্বচ্ছতা নিশ্চিত করা বড় চ্যালেঞ্জ হয়ে দাঁড়াবে। সংশ্লিষ্টরা আশা করছেন সকল পক্ষ দায়িত্বশীল ভূমিকা পালন করবে।
